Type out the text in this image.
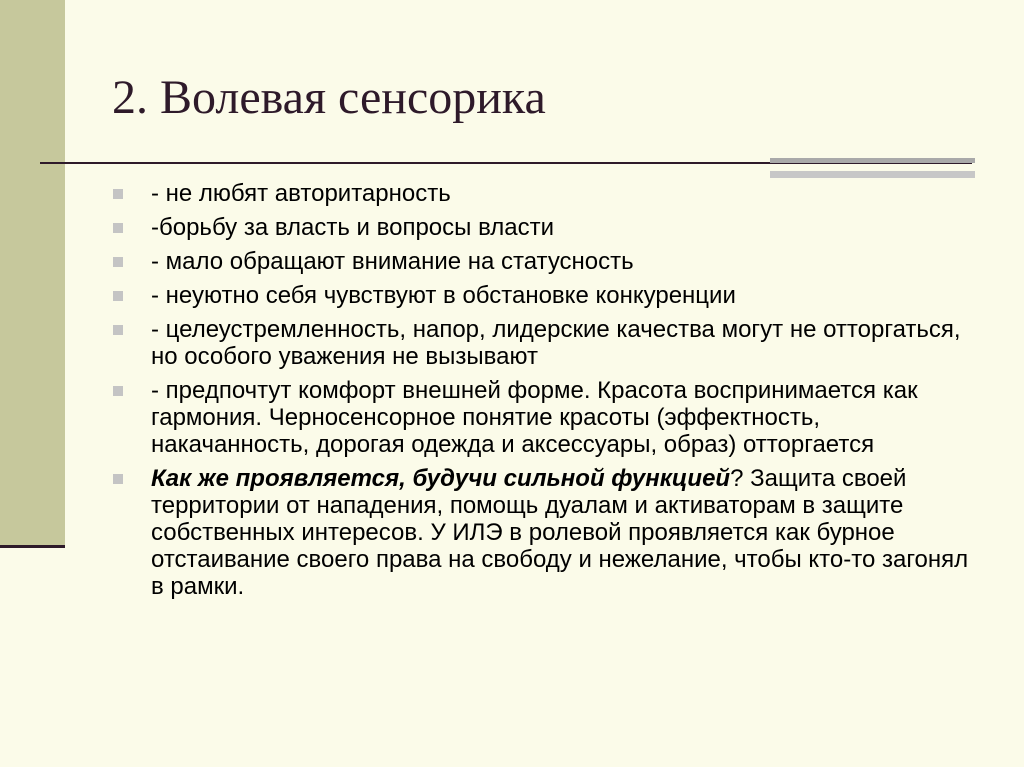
2. Волевая сенсорика
- не любят авторитарность
-борьбу за власть и вопросы власти
- мало обращают внимание на статусность
- неуютно себя чувствуют в обстановке конкуренции
- целеустремленность, напор, лидерские качества могут не отторгаться, но особого уважения не вызывают
- предпочтут комфорт внешней форме. Красота воспринимается как гармония. Черносенсорное понятие красоты (эффектность, накачанность, дорогая одежда и аксессуары, образ) отторгается
Как же проявляется, будучи сильной функцией? Защита своей территории от нападения, помощь дуалам и активаторам в защите собственных интересов. У ИЛЭ в ролевой проявляется как бурное отстаивание своего права на свободу и нежелание, чтобы кто-то загонял в рамки.
